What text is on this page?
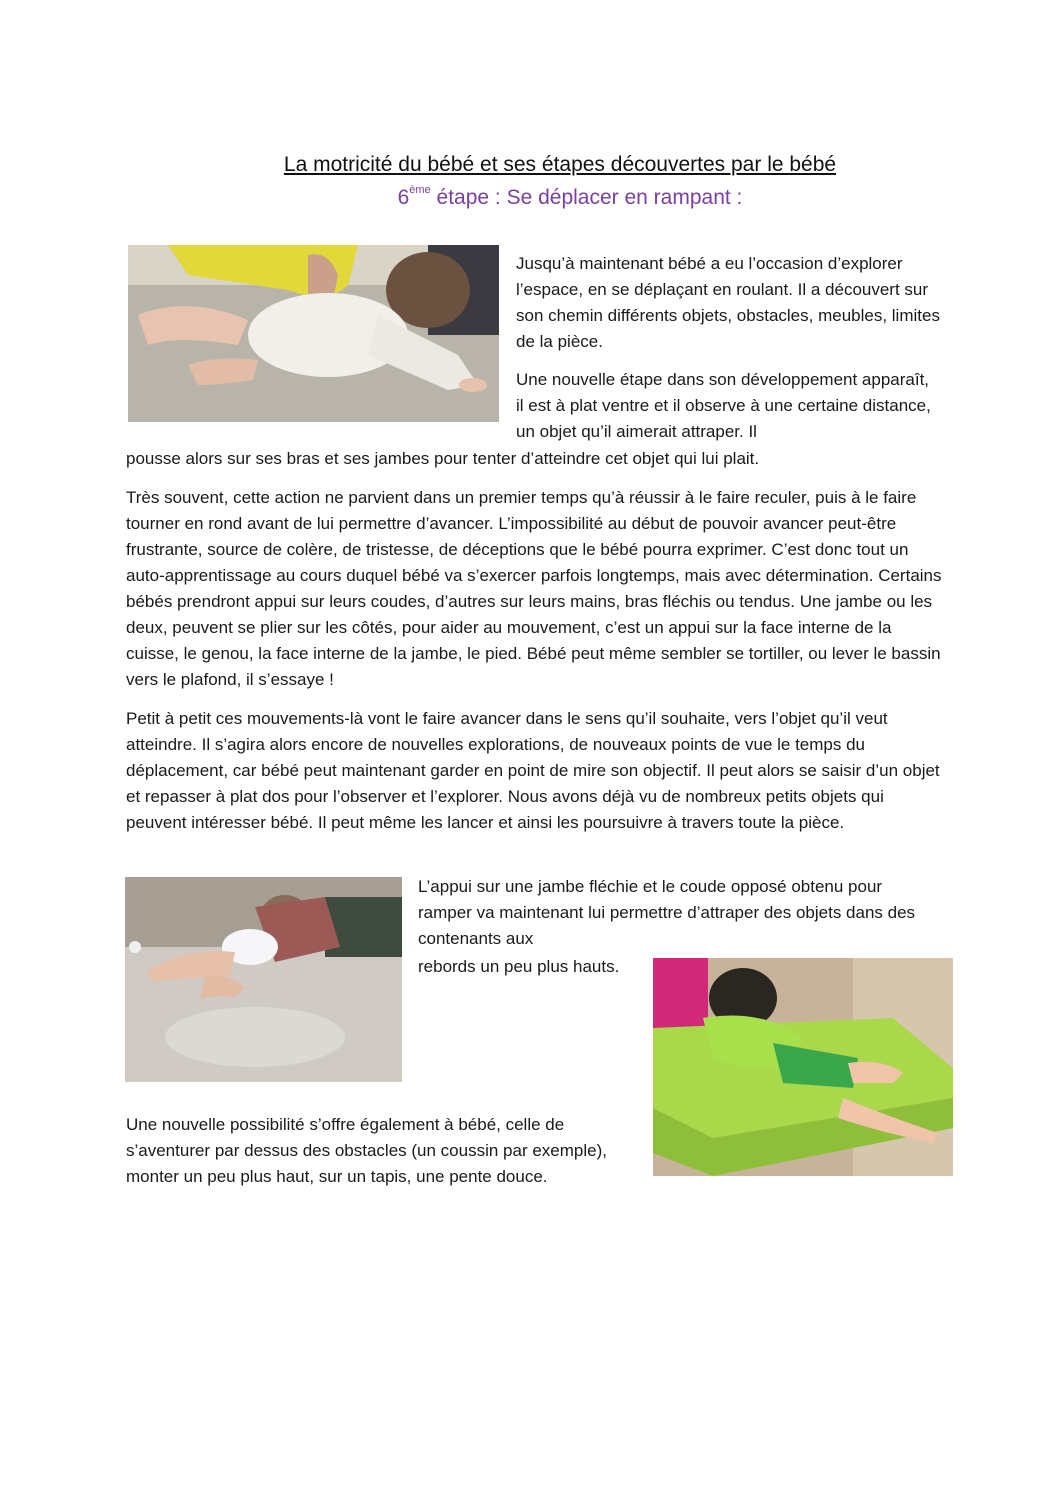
La motricité du bébé et ses étapes découvertes par le bébé
6ème étape : Se déplacer en rampant :

Jusqu’à maintenant bébé a eu l’occasion d’explorer l’espace, en se déplaçant en roulant. Il a découvert sur son chemin différents objets, obstacles, meubles, limites de la pièce.

Une nouvelle étape dans son développement apparaît, il est à plat ventre et il observe à une certaine distance, un objet qu’il aimerait attraper. Il

pousse alors sur ses bras et ses jambes pour tenter d’atteindre cet objet qui lui plait.

Très souvent, cette action ne parvient dans un premier temps qu’à réussir à le faire reculer, puis à le faire tourner en rond avant de lui permettre d’avancer. L’impossibilité au début de pouvoir avancer peut-être frustrante, source de colère, de tristesse, de déceptions que le bébé pourra exprimer. C’est donc tout un auto-apprentissage au cours duquel bébé va s’exercer parfois longtemps, mais avec détermination. Certains bébés prendront appui sur leurs coudes, d’autres sur leurs mains, bras fléchis ou tendus. Une jambe ou les deux, peuvent se plier sur les côtés, pour aider au mouvement, c’est un appui sur la face interne de la cuisse, le genou, la face interne de la jambe, le pied. Bébé peut même sembler se tortiller, ou lever le bassin vers le plafond, il s’essaye !

Petit à petit ces mouvements-là vont le faire avancer dans le sens qu’il souhaite, vers l’objet qu’il veut atteindre. Il s’agira alors encore de nouvelles explorations, de nouveaux points de vue le temps du déplacement, car bébé peut maintenant garder en point de mire son objectif. Il peut alors se saisir d’un objet et repasser à plat dos pour l’observer et l’explorer. Nous avons déjà vu de nombreux petits objets qui peuvent intéresser bébé. Il peut même les lancer et ainsi les poursuivre à travers toute la pièce.

L’appui sur une jambe fléchie et le coude opposé obtenu pour ramper va maintenant lui permettre d’attraper des objets dans des contenants aux

rebords un peu plus hauts.

Une nouvelle possibilité s’offre également à bébé, celle de s’aventurer par dessus des obstacles (un coussin par exemple), monter un peu plus haut, sur un tapis, une pente douce.
